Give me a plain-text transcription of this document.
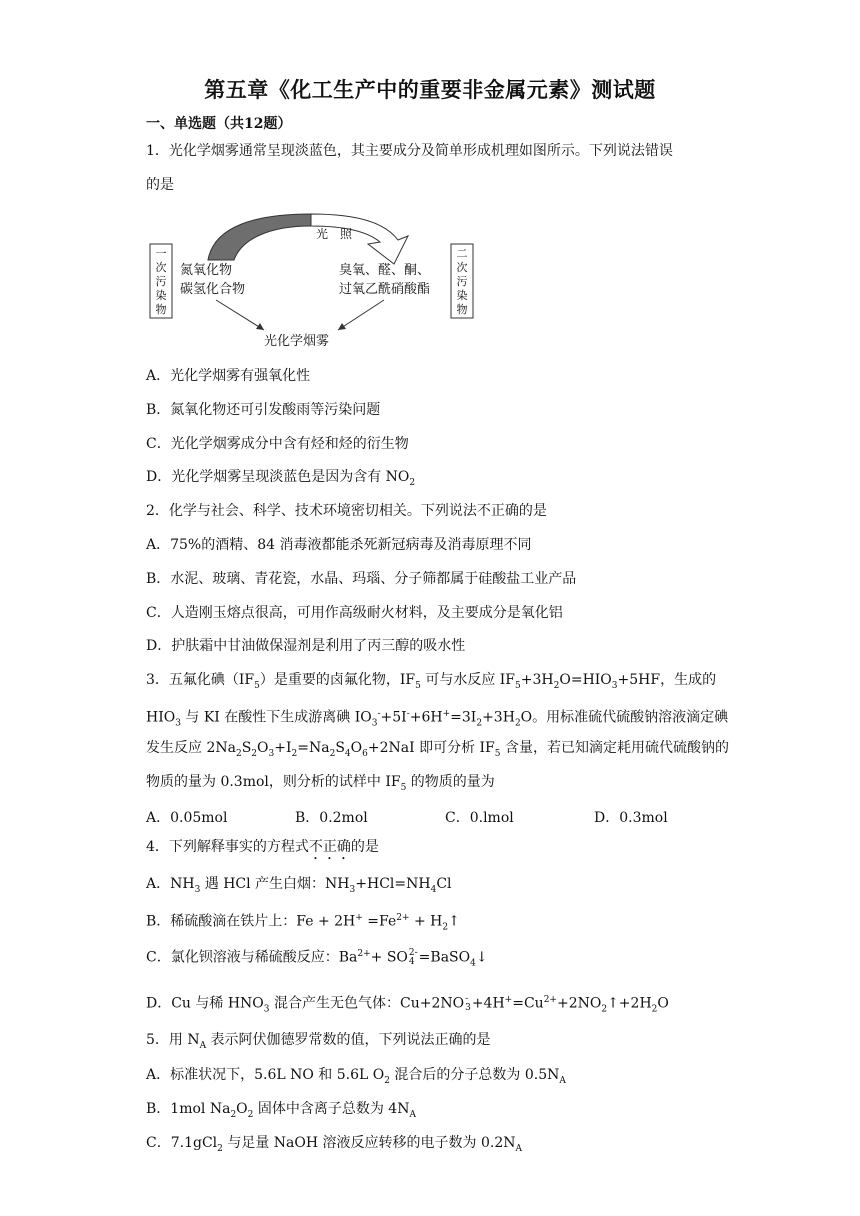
第五章《化工生产中的重要非金属元素》测试题
一、单选题（共12题）
1．光化学烟雾通常呈现淡蓝色，其主要成分及简单形成机理如图所示。下列说法错误
的是
一
次
污
染
物
二
次
污
染
物
光　照
氮氧化物
碳氢化合物
臭氧、醛、酮、
过氧乙酰硝酸酯
光化学烟雾
A．光化学烟雾有强氧化性
B．氮氧化物还可引发酸雨等污染问题
C．光化学烟雾成分中含有烃和烃的衍生物
D．光化学烟雾呈现淡蓝色是因为含有 $NO_2$
2．化学与社会、科学、技术环境密切相关。下列说法不正确的是
A．75%的酒精、84 消毒液都能杀死新冠病毒及消毒原理不同
B．水泥、玻璃、青花瓷，水晶、玛瑙、分子筛都属于硅酸盐工业产品
C．人造刚玉熔点很高，可用作高级耐火材料，及主要成分是氧化铝
D．护肤霜中甘油做保湿剂是利用了丙三醇的吸水性
3．五氟化碘$(IF_5)$是重要的卤氟化物，$IF_5$ 可与水反应 $IF_5+3H_2O=HIO_3+5HF$，生成的
$HIO_3$ 与 KI 在酸性下生成游离碘 $IO_3^-+5I^-+6H^+=3I_2+3H_2O$。用标准硫代硫酸钠溶液滴定碘
发生反应 $2Na_2S_2O_3+I_2=Na_2S_4O_6+2NaI$ 即可分析 $IF_5$ 含量，若已知滴定耗用硫代硫酸钠的
物质的量为 0.3mol，则分析的试样中 $IF_5$ 的物质的量为
A．0.05mol	B．0.2mol	C．0.lmol	D．0.3mol
4．下列解释事实的方程式不正确的是
A．$NH_3$ 遇 HCl 产生白烟：$NH_3+HCl=NH_4Cl$
B．稀硫酸滴在铁片上：$Fe + 2H^+ =Fe^{2+}$ + $H_2↑$
C．氯化钡溶液与稀硫酸反应：$Ba^{2+}+$ SO 2-
4 =BaSO$_4$↓
D．Cu 与稀 $HNO_3$ 混合产生无色气体：Cu+2NO -
$3 +4H^+=Cu^{2+}+2NO_2↑+2H_2O$
5．用 $N_A$ 表示阿伏伽德罗常数的值，下列说法正确的是
A．标准状况下，5.6L NO 和 5.6L $O_2$ 混合后的分子总数为 $0.5N_A$
B．1mol $Na_2O_2$ 固体中含离子总数为 $4N_A$
C．7.1gCl$_2$ 与足量 NaOH 溶液反应转移的电子数为 $0.2N_A$
